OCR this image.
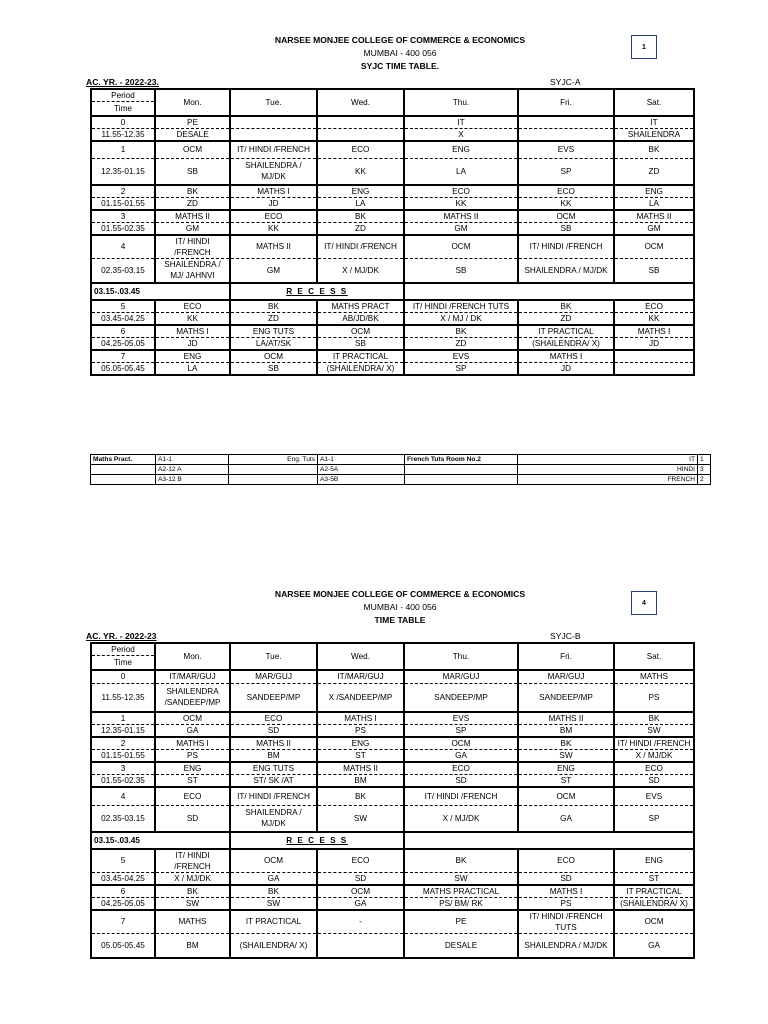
NARSEE MONJEE COLLEGE OF COMMERCE & ECONOMICS
MUMBAI - 400 056
SYJC TIME TABLE.
1
AC. YR. - 2022-23.	SYJC-A
Period	Mon.	Tue.	Wed.	Thu.	Fri.	Sat.
Time						
0	PE			IT		IT
11.55-12.35	DESALE			X		SHAILENDRA
1	OCM	IT/ HINDI /FRENCH	ECO	ENG	EVS	BK
12.35-01.15	SB	SHAILENDRA / MJ/DK	KK	LA	SP	ZD
2	BK	MATHS I	ENG	ECO	ECO	ENG
01.15-01.55	ZD	JD	LA	KK	KK	LA
3	MATHS II	ECO	BK	MATHS II	OCM	MATHS II
01.55-02.35	GM	KK	ZD	GM	SB	GM
4	IT/ HINDI /FRENCH	MATHS II	IT/ HINDI /FRENCH	OCM	IT/ HINDI /FRENCH	OCM
02.35-03.15	SHAILENDRA / MJ/ JAHNVI	GM	X / MJ/DK	SB	SHAILENDRA / MJ/DK	SB
03.15-.03.45		R E C E S S				
5	ECO	BK	MATHS PRACT	IT/ HINDI /FRENCH TUTS	BK	ECO
03.45-04.25	KK	ZD	AB/JD/BK	X / MJ / DK	ZD	KK
6	MATHS I	ENG TUTS	OCM	BK	IT PRACTICAL	MATHS I
04.25-05.05	JD	LA/AT/SK	SB	ZD	(SHAILENDRA/ X)	JD
7	ENG	OCM	IT PRACTICAL	EVS	MATHS I	
05.05-05.45	LA	SB	(SHAILENDRA/ X)	SP	JD	
Maths Pract.	A1-1	Eng. Tuts	A1-1	French Tuts Room No.2	IT	1
	A2-12 A		A2-5A		HINDI	3
	A3-12 B		A3-5B		FRENCH	2
NARSEE MONJEE COLLEGE OF COMMERCE & ECONOMICS
MUMBAI - 400 056
TIME TABLE
4
AC. YR. - 2022-23	SYJC-B
Period	Mon.	Tue.	Wed.	Thu.	Fri.	Sat.
Time						
0	IT/MAR/GUJ	MAR/GUJ	IT/MAR/GUJ	MAR/GUJ	MAR/GUJ	MATHS
11.55-12.35	SHAILENDRA /SANDEEP/MP	SANDEEP/MP	X /SANDEEP/MP	SANDEEP/MP	SANDEEP/MP	PS
1	OCM	ECO	MATHS I	EVS	MATHS II	BK
12.35-01.15	GA	SD	PS	SP	BM	SW
2	MATHS I	MATHS II	ENG	OCM	BK	IT/ HINDI /FRENCH
01.15-01.55	PS	BM	ST	GA	SW	X / MJ/DK
3	ENG	ENG TUTS	MATHS II	ECO	ENG	ECO
01.55-02.35	ST	ST/ SK /AT	BM	SD	ST	SD
4	ECO	IT/ HINDI /FRENCH	BK	IT/ HINDI /FRENCH	OCM	EVS
02.35-03.15	SD	SHAILENDRA / MJ/DK	SW	X / MJ/DK	GA	SP
03.15-.03.45		R E C E S S				
5	IT/ HINDI /FRENCH	OCM	ECO	BK	ECO	ENG
03.45-04.25	X / MJ/DK	GA	SD	SW	SD	ST
6	BK	BK	OCM	MATHS PRACTICAL	MATHS I	IT PRACTICAL
04.25-05.05	SW	SW	GA	PS/ BM/ RK	PS	(SHAILENDRA/ X)
7	MATHS	IT PRACTICAL	-	PE	IT/ HINDI /FRENCH TUTS	OCM
05.05-05.45	BM	(SHAILENDRA/ X)		DESALE	SHAILENDRA / MJ/DK	GA
